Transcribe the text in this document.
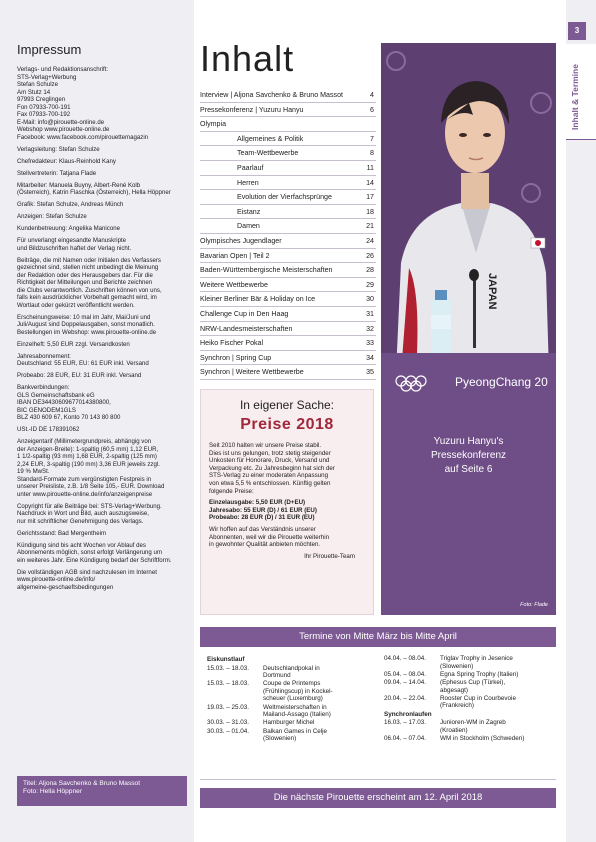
Impressum

Verlags- und Redaktionsanschrift:
STS-Verlag+Werbung
Stefan Schulze
Am Stutz 14
97993 Creglingen
Fon 07933-700-191
Fax 07933-700-192
E-Mail: info@pirouette-online.de
Webshop www.pirouette-online.de
Facebook: www.facebook.com/pirouettemagazin

Verlagsleitung: Stefan Schulze

Chefredakteur: Klaus-Reinhold Kany

Stellvertreterin: Tatjana Flade

Mitarbeiter: Manuela Buyny, Albert-René Kolb
(Österreich), Katrin Flaschka (Österreich), Hella Höppner

Grafik: Stefan Schulze, Andreas Münch

Anzeigen: Stefan Schulze

Kundenbetreuung: Angelika Manicone

Für unverlangt eingesandte Manuskripte
und Bildzuschriften haftet der Verlag nicht.

Beiträge, die mit Namen oder Initialen des Verfassers
gezeichnet sind, stellen nicht unbedingt die Meinung
der Redaktion oder des Herausgebers dar. Für die
Richtigkeit der Mitteilungen und Berichte zeichnen
die Clubs verantwortlich. Zuschriften können von uns,
falls kein ausdrücklicher Vorbehalt gemacht wird, im
Wortlaut oder gekürzt veröffentlicht werden.

Erscheinungsweise: 10 mal im Jahr, Mai/Juni und
Juli/August sind Doppelausgaben, sonst monatlich.
Bestellungen im Webshop: www.pirouette-online.de

Einzelheft: 5,50 EUR zzgl. Versandkosten

Jahresabonnement:
Deutschland: 55 EUR, EU: 61 EUR inkl. Versand

Probeabo: 28 EUR, EU: 31 EUR inkl. Versand

Bankverbindungen:
GLS Gemeinschaftsbank eG
IBAN DE34430609677014380800,
BIC GENODEM1GLS
BLZ 430 609 67, Konto 70 143 80 800

USt.-ID DE 178391062

Anzeigentarif (Millimetergrundpreis, abhängig von
der Anzeigen-Breite): 1-spaltig (60,5 mm) 1,12 EUR,
1 1/2-spaltig (93 mm) 1,68 EUR, 2-spaltig (125 mm)
2,24 EUR, 3-spaltig (190 mm) 3,36 EUR jeweils zzgl.
19 % MwSt.
Standard-Formate zum vergünstigten Festpreis in
unserer Preisliste, z.B. 1/8 Seite 105,- EUR. Download
unter www.pirouette-online.de/info/anzeigenpreise

Copyright für alle Beiträge bei: STS-Verlag+Werbung.
Nachdruck in Wort und Bild, auch auszugsweise,
nur mit schriftlicher Genehmigung des Verlags.

Gerichtsstand: Bad Mergentheim

Kündigung sind bis acht Wochen vor Ablauf des
Abonnements möglich, sonst erfolgt Verlängerung um
ein weiteres Jahr. Eine Kündigung bedarf der Schriftform.

Die vollständigen AGB sind nachzulesen im Internet
www.pirouette-online.de/info/
allgemeine-geschaeftsbedingungen

Titel: Aljona Savchenko & Bruno Massot
Foto: Hella Höppner
3
Inhalt & Termine
Inhalt
Interview | Aljona Savchenko & Bruno Massot	4
Pressekonferenz | Yuzuru Hanyu	6
Olympia
Allgemeines & Politik	7
Team-Wettbewerbe	8
Paarlauf	11
Herren	14
Evolution der Vierfachsprünge	17
Eistanz	18
Damen	21
Olympisches Jugendlager	24
Bavarian Open | Teil 2	26
Baden-Württembergische Meisterschaften	28
Weitere Wettbewerbe	29
Kleiner Berliner Bär & Holiday on Ice	30
Challenge Cup in Den Haag	31
NRW-Landesmeisterschaften	32
Heiko Fischer Pokal	33
Synchron | Spring Cup	34
Synchron | Weitere Wettbewerbe	35
JAPAN
PyeongChang 20
Yuzuru Hanyu's
Pressekonferenz
auf Seite 6
Foto: Flade
In eigener Sache:
Preise 2018

Seit 2010 halten wir unsere Preise stabil.
Dies ist uns gelungen, trotz stetig steigender
Unkosten für Honorare, Druck, Versand und
Verpackung etc. Zu Jahresbeginn hat sich der
STS-Verlag zu einer moderaten Anpassung
von etwa 5,5 % entschlossen. Künftig gelten
folgende Preise:

Einzelausgabe: 5,50 EUR (D+EU)
Jahresabo: 55 EUR (D) / 61 EUR (EU)
Probeabo: 28 EUR (D) / 31 EUR (EU)

Wir hoffen auf das Verständnis unserer
Abonnenten, weil wir die Pirouette weiterhin
in gewohnter Qualität anbieten möchten.

Ihr Pirouette-Team

Termine von Mitte März bis Mitte April
Eiskunstlauf
15.03. – 18.03.	Deutschlandpokal in
Dortmund
15.03. – 18.03.	Coupe de Printemps
(Frühlingscup) in Kockel-
scheuer (Luxemburg)
19.03. – 25.03.	Weltmeisterschaften in
Mailand-Assago (Italien)
30.03. – 31.03.	Hamburger Michel
30.03. – 01.04.	Balkan Games in Celje
(Slowenien)
04.04. – 08.04.	Triglav Trophy in Jesenice
(Slowenien)
05.04. – 08.04.	Egna Spring Trophy (Italien)
09.04. – 14.04.	(Ephesus Cup (Türkei),
abgesagt)
20.04. – 22.04.	Rooster Cup in Courbevoie
(Frankreich)
Synchronlaufen
16.03. – 17.03.	Junioren-WM in Zagreb
(Kroatien)
06.04. – 07.04.	WM in Stockholm (Schweden)
Die nächste Pirouette erscheint am 12. April 2018
